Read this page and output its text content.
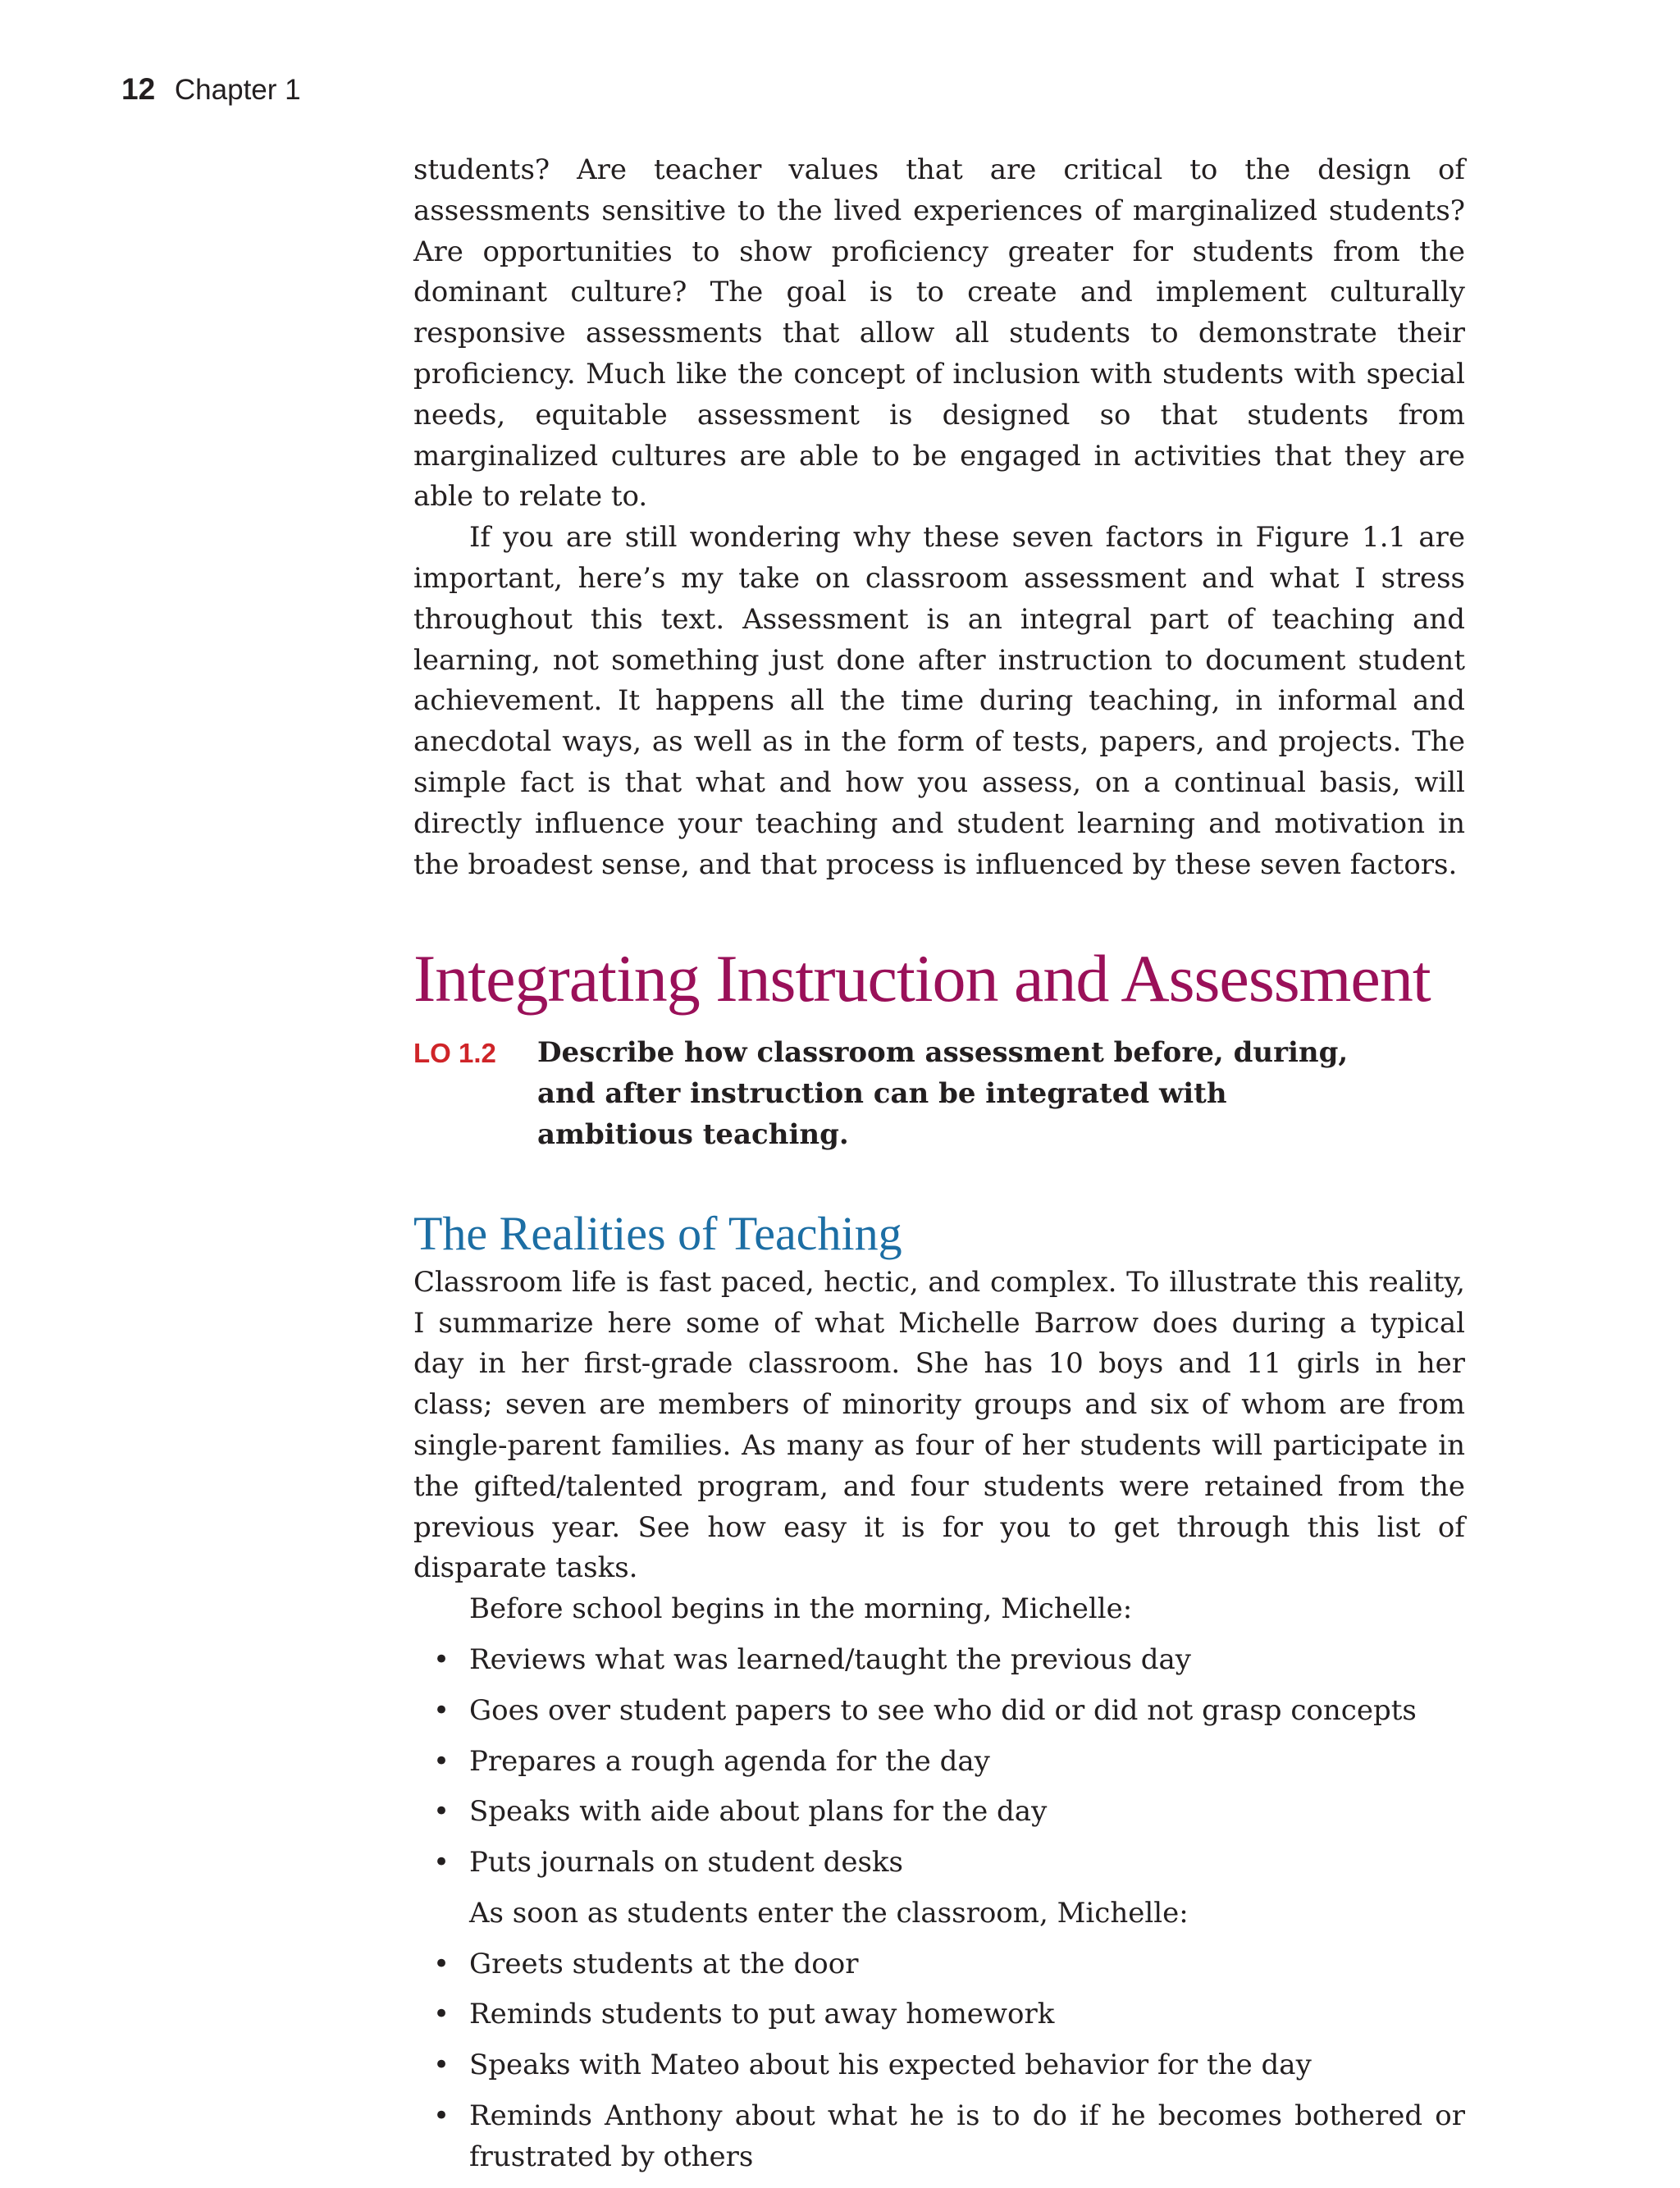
12 Chapter 1

students? Are teacher values that are critical to the design of assessments sensitive to the lived experiences of marginalized students? Are opportunities to show proficiency greater for students from the dominant culture? The goal is to create and implement culturally responsive assessments that allow all students to demonstrate their proficiency. Much like the concept of inclusion with students with special needs, equitable assessment is designed so that students from marginalized cultures are able to be engaged in activities that they are able to relate to.

If you are still wondering why these seven factors in Figure 1.1 are important, here’s my take on classroom assessment and what I stress throughout this text. Assessment is an integral part of teaching and learning, not something just done after instruction to document student achievement. It happens all the time during teaching, in informal and anecdotal ways, as well as in the form of tests, papers, and projects. The simple fact is that what and how you assess, on a continual basis, will directly influence your teaching and student learning and motivation in the broadest sense, and that process is influenced by these seven factors.

Integrating Instruction and Assessment
LO 1.2	Describe how classroom assessment before, during, and after instruction can be integrated with ambitious teaching.
The Realities of Teaching

Classroom life is fast paced, hectic, and complex. To illustrate this reality, I summarize here some of what Michelle Barrow does during a typical day in her first-grade classroom. She has 10 boys and 11 girls in her class; seven are members of minority groups and six of whom are from single-parent families. As many as four of her students will participate in the gifted/talented program, and four students were retained from the previous year. See how easy it is for you to get through this list of disparate tasks.

Before school begins in the morning, Michelle:

• Reviews what was learned/taught the previous day
• Goes over student papers to see who did or did not grasp concepts
• Prepares a rough agenda for the day
• Speaks with aide about plans for the day
• Puts journals on student desks

As soon as students enter the classroom, Michelle:

• Greets students at the door
• Reminds students to put away homework
• Speaks with Mateo about his expected behavior for the day
• Reminds Anthony about what he is to do if he becomes bothered or frustrated by others
